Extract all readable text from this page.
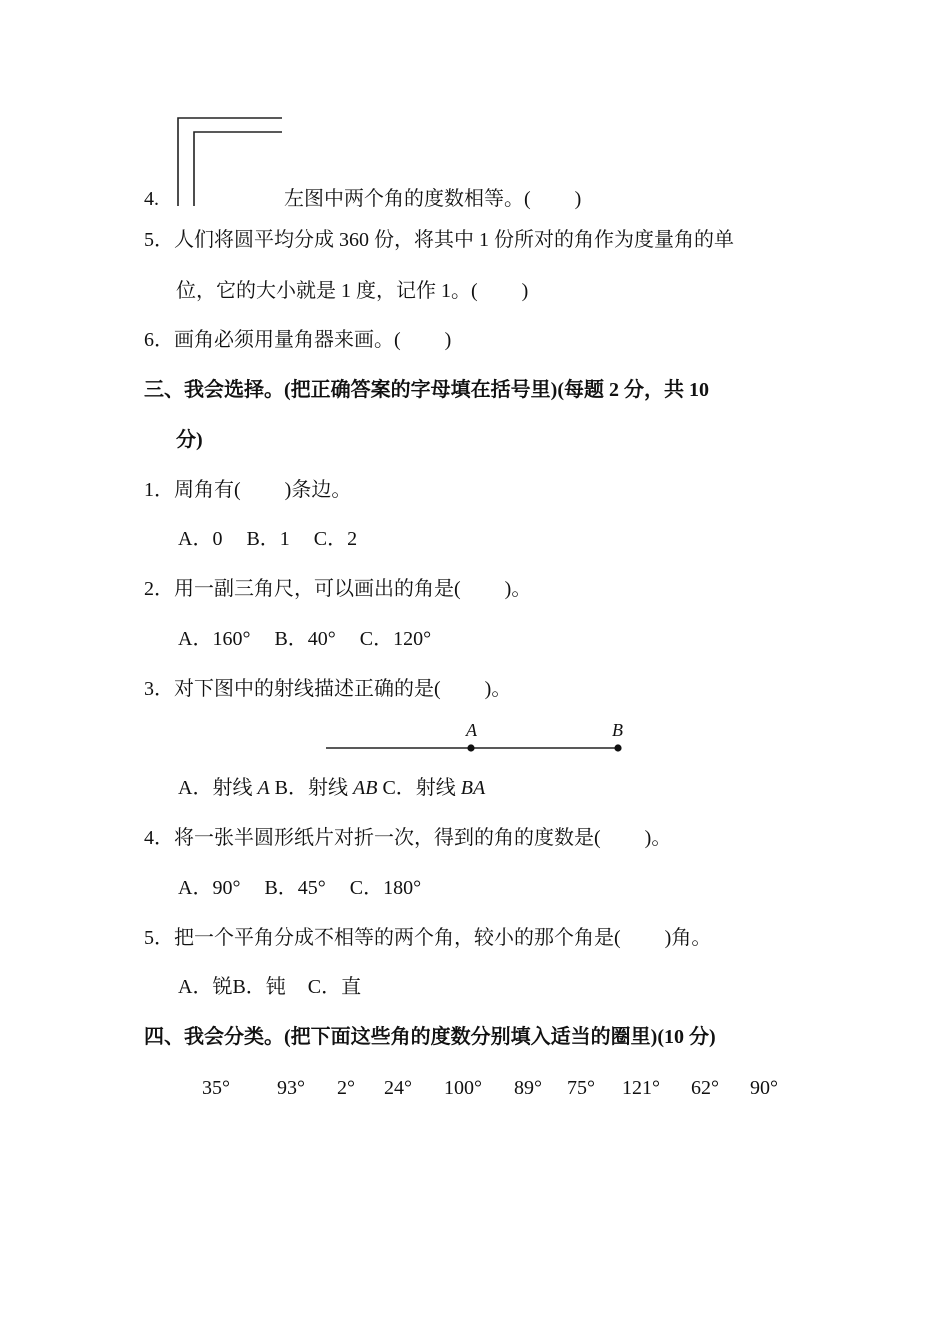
4.	左图中两个角的度数相等。( )
5．人们将圆平均分成 360 份，将其中 1 份所对的角作为度量角的单
位，它的大小就是 1 度，记作 1。( )
6．画角必须用量角器来画。( )
三、我会选择。(把正确答案的字母填在括号里)(每题 2 分，共 10
分)
1．周角有( )条边。
A．0 B．1 C．2
2．用一副三角尺，可以画出的角是( )。
A．160° B．40° C．120°
3．对下图中的射线描述正确的是( )。
A	B
A．射线 A B．射线 AB C．射线 BA
4．将一张半圆形纸片对折一次，得到的角的度数是( )。
A．90° B．45° C．180°
5．把一个平角分成不相等的两个角，较小的那个角是( )角。
A．锐B．钝 C．直
四、我会分类。(把下面这些角的度数分别填入适当的圈里)(10 分)
35° 93° 2° 24° 100° 89° 75° 121° 62° 90°
